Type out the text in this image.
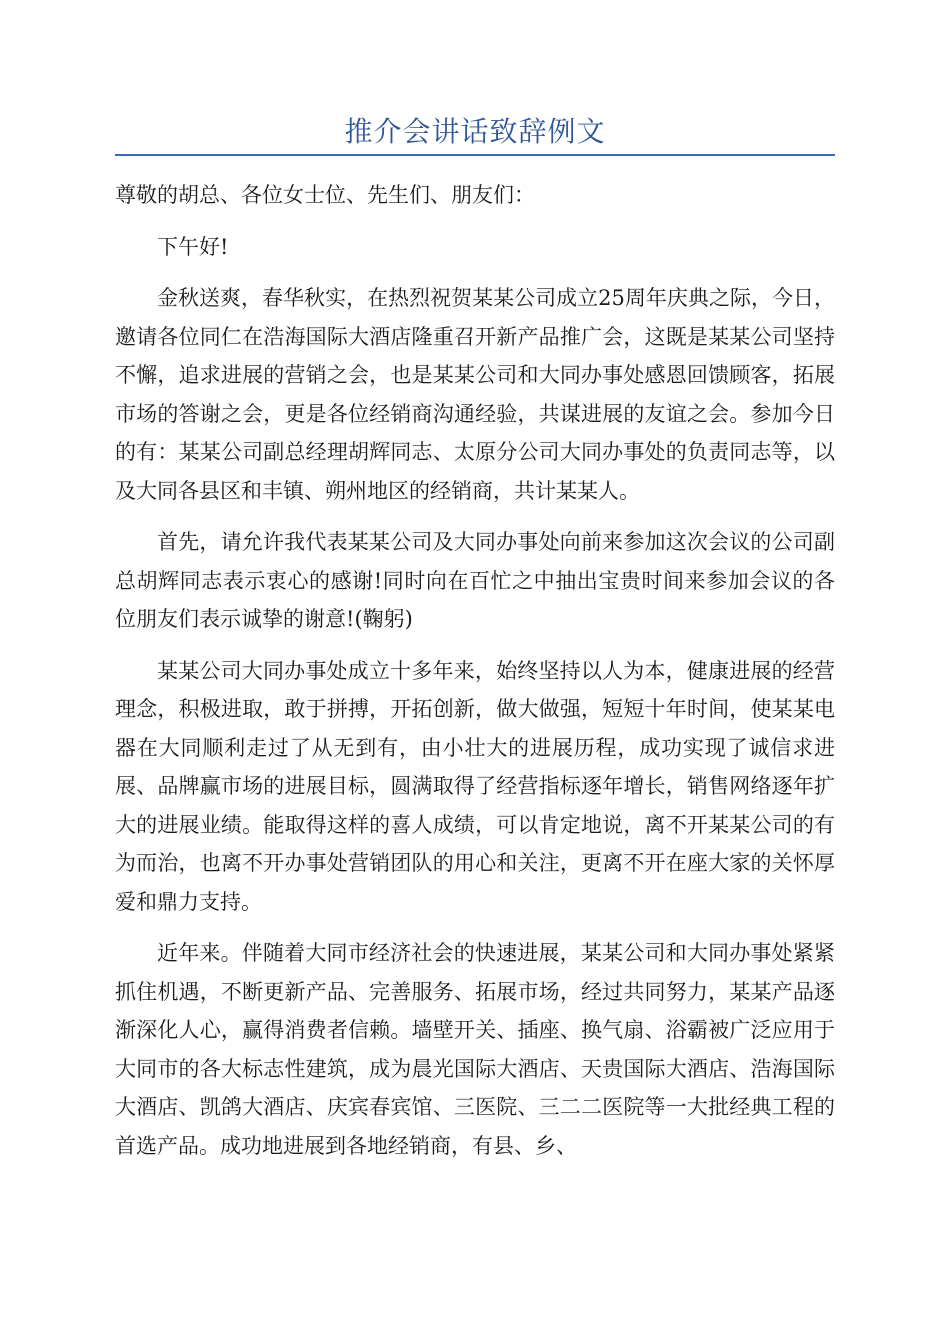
推介会讲话致辞例文

尊敬的胡总、各位女士位、先生们、朋友们：

下午好!

金秋送爽，春华秋实，在热烈祝贺某某公司成立25周年庆典之际，今日，邀请各位同仁在浩海国际大酒店隆重召开新产品推广会，这既是某某公司坚持不懈，追求进展的营销之会，也是某某公司和大同办事处感恩回馈顾客，拓展市场的答谢之会，更是各位经销商沟通经验，共谋进展的友谊之会。参加今日的有：某某公司副总经理胡辉同志、太原分公司大同办事处的负责同志等，以及大同各县区和丰镇、朔州地区的经销商，共计某某人。

首先，请允许我代表某某公司及大同办事处向前来参加这次会议的公司副总胡辉同志表示衷心的感谢!同时向在百忙之中抽出宝贵时间来参加会议的各位朋友们表示诚挚的谢意!(鞠躬)

某某公司大同办事处成立十多年来，始终坚持以人为本，健康进展的经营理念，积极进取，敢于拼搏，开拓创新，做大做强，短短十年时间，使某某电器在大同顺利走过了从无到有，由小壮大的进展历程，成功实现了诚信求进展、品牌赢市场的进展目标，圆满取得了经营指标逐年增长，销售网络逐年扩大的进展业绩。能取得这样的喜人成绩，可以肯定地说，离不开某某公司的有为而治，也离不开办事处营销团队的用心和关注，更离不开在座大家的关怀厚爱和鼎力支持。

近年来。伴随着大同市经济社会的快速进展，某某公司和大同办事处紧紧抓住机遇，不断更新产品、完善服务、拓展市场，经过共同努力，某某产品逐渐深化人心，赢得消费者信赖。墙壁开关、插座、换气扇、浴霸被广泛应用于大同市的各大标志性建筑，成为晨光国际大酒店、天贵国际大酒店、浩海国际大酒店、凯鸽大酒店、庆宾春宾馆、三医院、三二二医院等一大批经典工程的首选产品。成功地进展到各地经销商，有县、乡、
